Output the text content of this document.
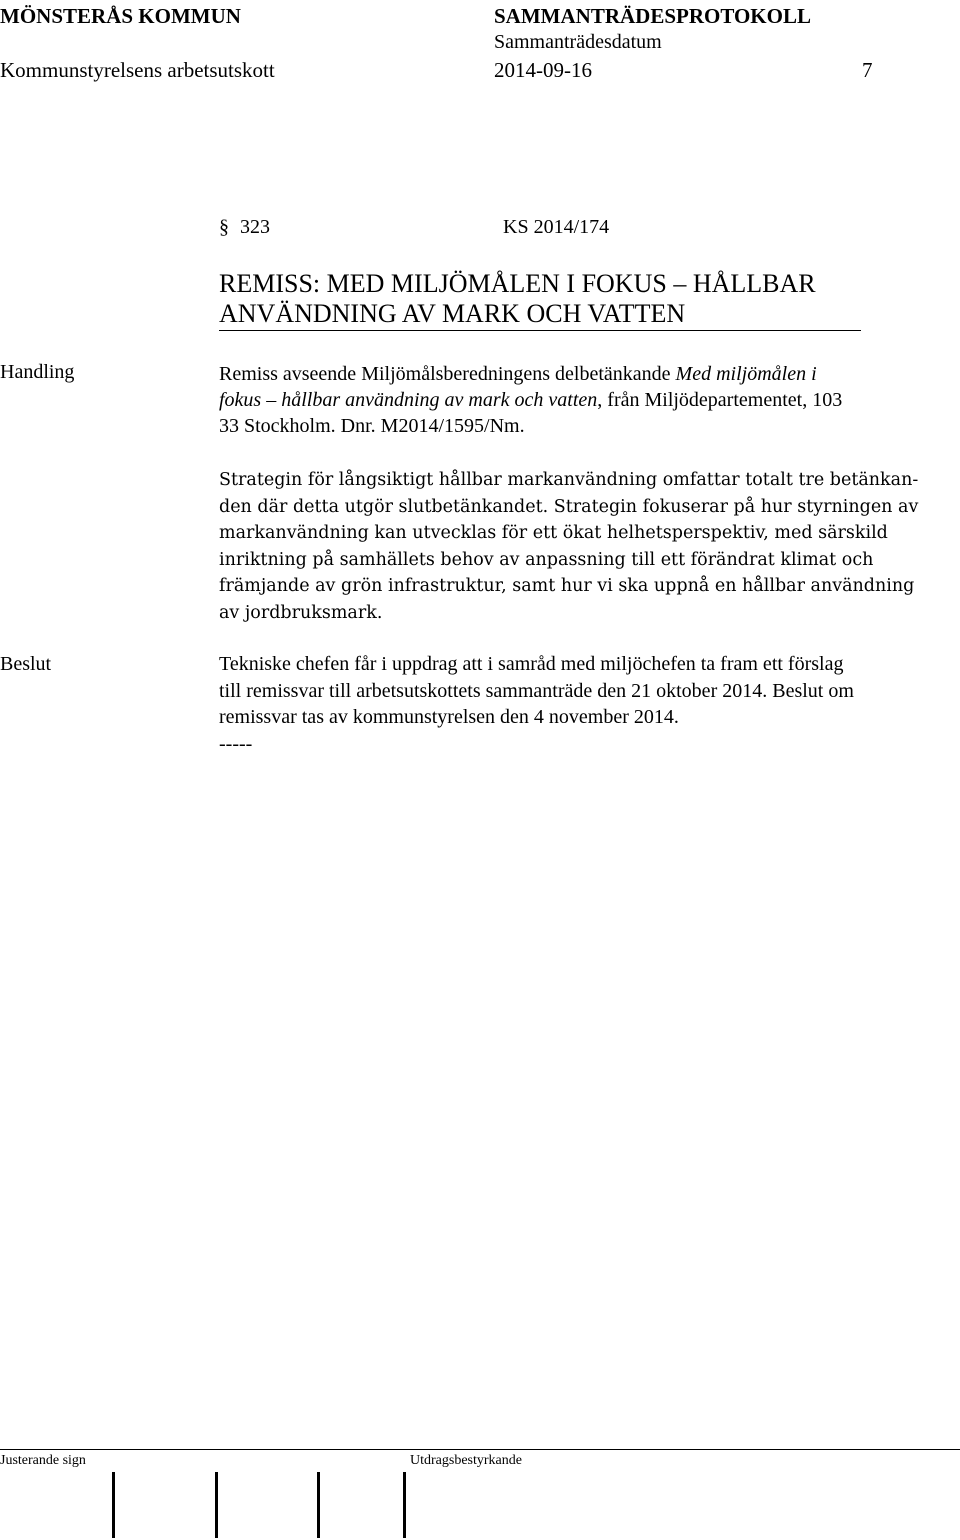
MÖNSTERÅS KOMMUN	SAMMANTRÄDESPROTOKOLL
Sammanträdesdatum
Kommunstyrelsens arbetsutskott	2014-09-16	7
§ 323	KS 2014/174
REMISS: MED MILJÖMÅLEN I FOKUS – HÅLLBAR
ANVÄNDNING AV MARK OCH VATTEN
Handling	Remiss avseende Miljömålsberedningens delbetänkande Med miljömålen i
fokus – hållbar användning av mark och vatten, från Miljödepartementet, 103
33 Stockholm. Dnr. M2014/1595/Nm.
Strategin för långsiktigt hållbar markanvändning omfattar totalt tre betänkan-
den där detta utgör slutbetänkandet. Strategin fokuserar på hur styrningen av
markanvändning kan utvecklas för ett ökat helhetsperspektiv, med särskild
inriktning på samhällets behov av anpassning till ett förändrat klimat och
främjande av grön infrastruktur, samt hur vi ska uppnå en hållbar användning
av jordbruksmark.
Beslut	Tekniske chefen får i uppdrag att i samråd med miljöchefen ta fram ett förslag
till remissvar till arbetsutskottets sammanträde den 21 oktober 2014. Beslut om
remissvar tas av kommunstyrelsen den 4 november 2014.
-----
Justerande sign	Utdragsbestyrkande
